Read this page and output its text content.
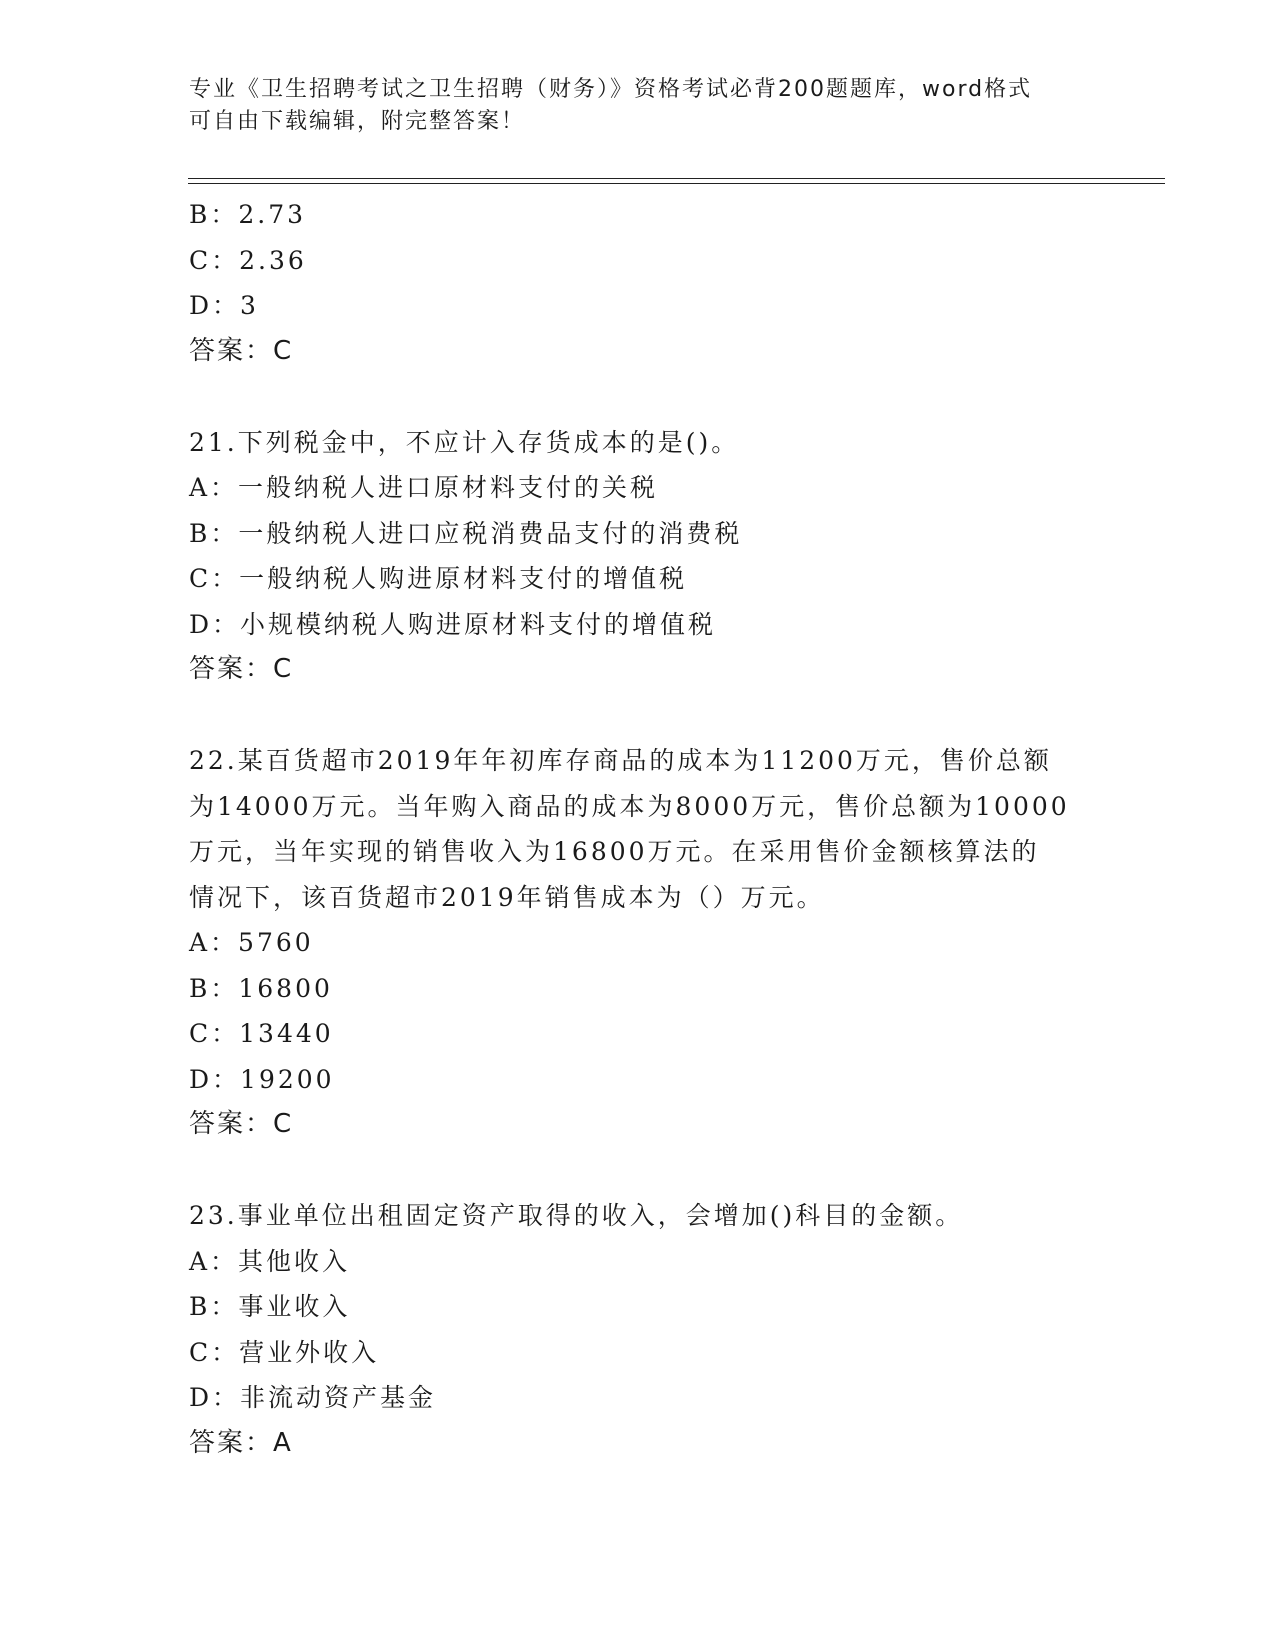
专业《卫生招聘考试之卫生招聘（财务）》资格考试必背200题题库，word格式
可自由下载编辑，附完整答案！
B：2.73
C：2.36
D：3
答案：C
21.下列税金中，不应计入存货成本的是()。
A：一般纳税人进口原材料支付的关税
B：一般纳税人进口应税消费品支付的消费税
C：一般纳税人购进原材料支付的增值税
D：小规模纳税人购进原材料支付的增值税
答案：C
22.某百货超市2019年年初库存商品的成本为11200万元，售价总额
为14000万元。当年购入商品的成本为8000万元，售价总额为10000
万元，当年实现的销售收入为16800万元。在采用售价金额核算法的
情况下，该百货超市2019年销售成本为（）万元。
A：5760
B：16800
C：13440
D：19200
答案：C
23.事业单位出租固定资产取得的收入，会增加()科目的金额。
A：其他收入
B：事业收入
C：营业外收入
D：非流动资产基金
答案：A
